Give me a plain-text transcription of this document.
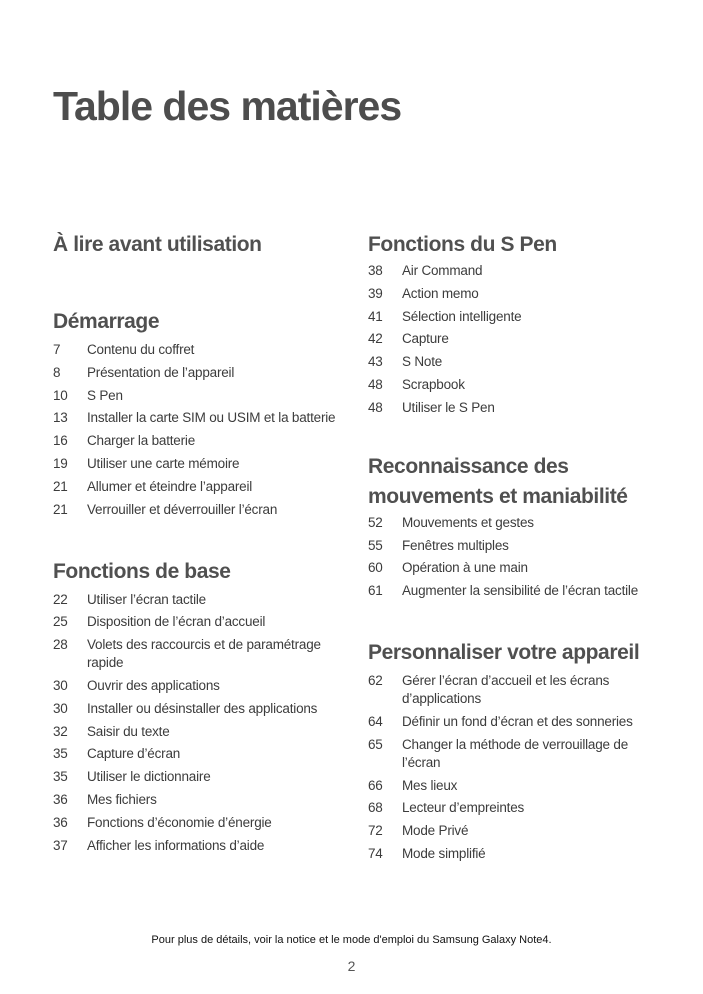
Table des matières
À lire avant utilisation
Démarrage
7	Contenu du coffret
8	Présentation de l’appareil
10	S Pen
13	Installer la carte SIM ou USIM et la batterie
16	Charger la batterie
19	Utiliser une carte mémoire
21	Allumer et éteindre l’appareil
21	Verrouiller et déverrouiller l’écran
Fonctions de base
22	Utiliser l’écran tactile
25	Disposition de l’écran d’accueil
28	Volets des raccourcis et de paramétrage rapide
30	Ouvrir des applications
30	Installer ou désinstaller des applications
32	Saisir du texte
35	Capture d’écran
35	Utiliser le dictionnaire
36	Mes fichiers
36	Fonctions d’économie d’énergie
37	Afficher les informations d’aide
Fonctions du S Pen
38	Air Command
39	Action memo
41	Sélection intelligente
42	Capture
43	S Note
48	Scrapbook
48	Utiliser le S Pen
Reconnaissance des mouvements et maniabilité
52	Mouvements et gestes
55	Fenêtres multiples
60	Opération à une main
61	Augmenter la sensibilité de l’écran tactile
Personnaliser votre appareil
62	Gérer l’écran d’accueil et les écrans d’applications
64	Définir un fond d’écran et des sonneries
65	Changer la méthode de verrouillage de l’écran
66	Mes lieux
68	Lecteur d’empreintes
72	Mode Privé
74	Mode simplifié
Pour plus de détails, voir la notice et le mode d'emploi du Samsung Galaxy Note4.
2
